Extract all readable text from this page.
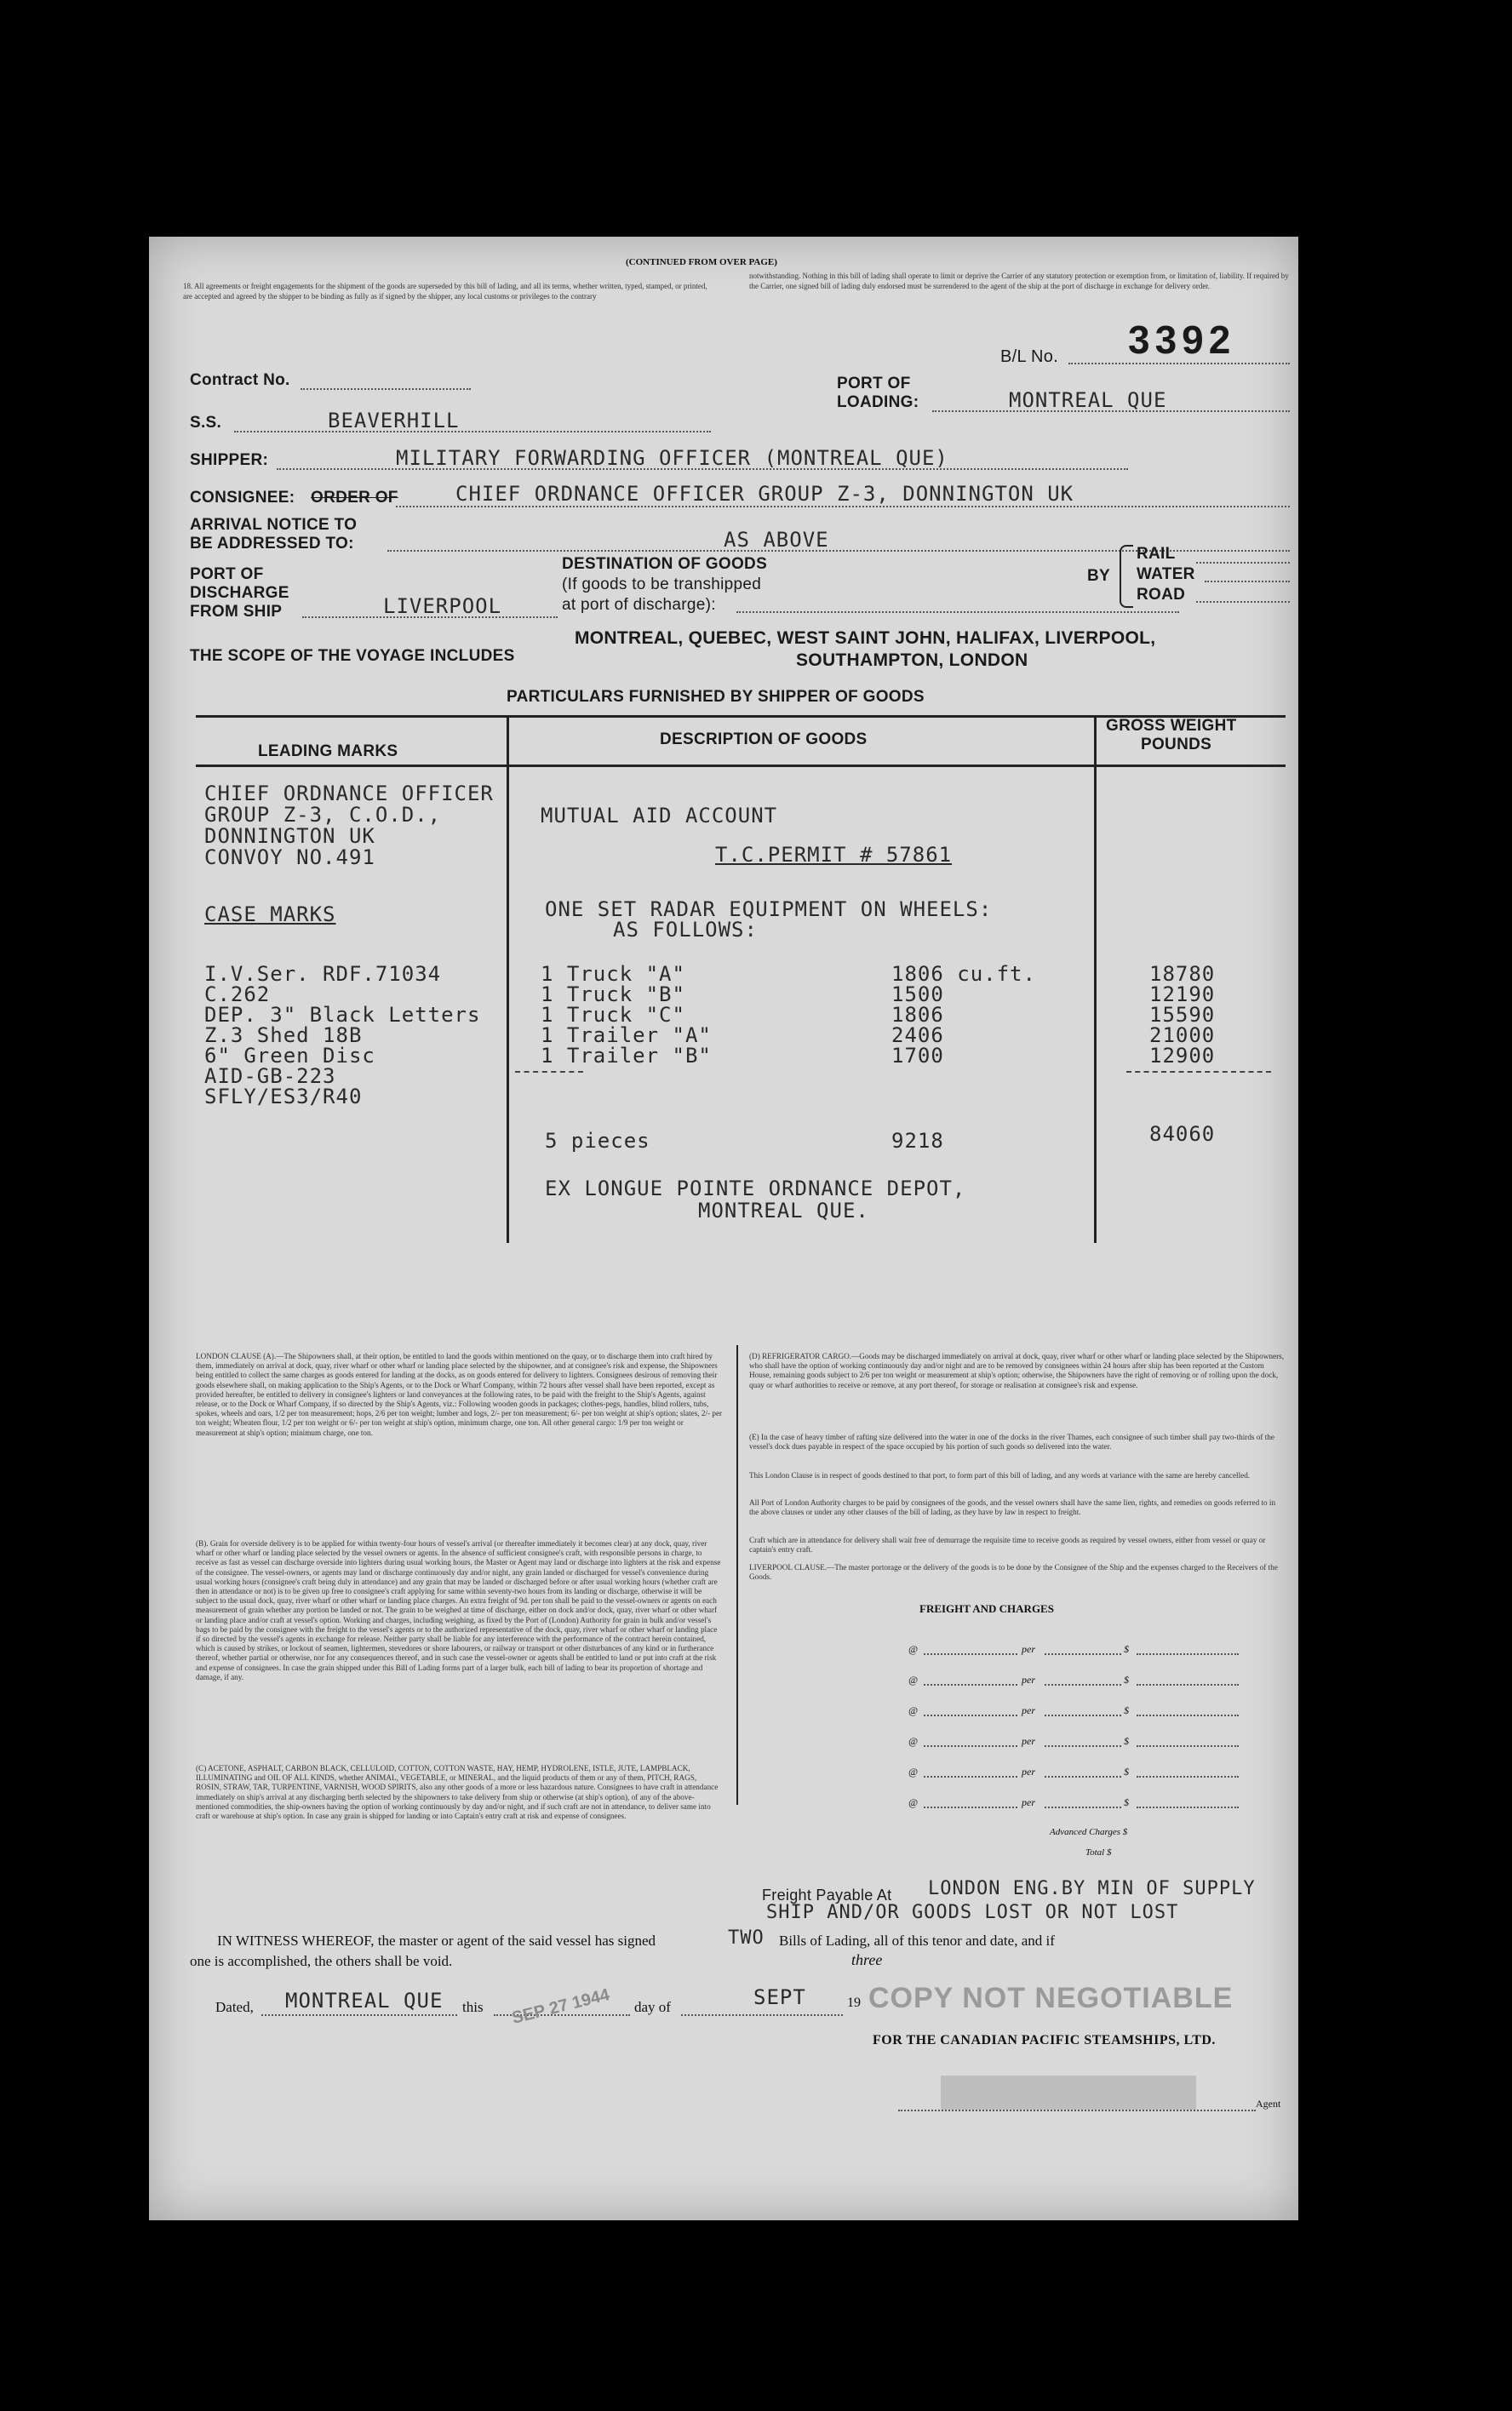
(CONTINUED FROM OVER PAGE)
18. All agreements or freight engagements for the shipment of the goods are superseded by this bill of lading, and all its terms, whether written, typed, stamped, or printed, are accepted and agreed by the shipper to be binding as fully as if signed by the shipper, any local customs or privileges to the contrary
notwithstanding. Nothing in this bill of lading shall operate to limit or deprive the Carrier of any statutory protection or exemption from, or limitation of, liability. If required by the Carrier, one signed bill of lading duly endorsed must be surrendered to the agent of the ship at the port of discharge in exchange for delivery order.
B/L No. 3392
Contract No.	PORT OF
LOADING:	MONTREAL QUE
S.S.	BEAVERHILL
SHIPPER:	MILITARY FORWARDING OFFICER (MONTREAL QUE)
CONSIGNEE: ORDER OF	CHIEF ORDNANCE OFFICER GROUP Z-3, DONNINGTON UK
ARRIVAL NOTICE TO
BE ADDRESSED TO:	AS ABOVE
PORT OF
DISCHARGE
FROM SHIP	LIVERPOOL
DESTINATION OF GOODS
(If goods to be transhipped
at port of discharge):
BY
RAIL
WATER
ROAD
THE SCOPE OF THE VOYAGE INCLUDES
MONTREAL, QUEBEC, WEST SAINT JOHN, HALIFAX, LIVERPOOL,
SOUTHAMPTON, LONDON
PARTICULARS FURNISHED BY SHIPPER OF GOODS
LEADING MARKS
DESCRIPTION OF GOODS
GROSS WEIGHT
POUNDS
CHIEF ORDNANCE OFFICER
GROUP Z-3, C.O.D.,
DONNINGTON UK
CONVOY NO.491
CASE MARKS
I.V.Ser. RDF.71034
C.262
DEP. 3" Black Letters
Z.3 Shed 18B
6" Green Disc
AID-GB-223
SFLY/ES3/R40
MUTUAL AID ACCOUNT
T.C.PERMIT # 57861
ONE SET RADAR EQUIPMENT ON WHEELS:
AS FOLLOWS:
1 Truck "A"	1806 cu.ft.	18780
1 Truck "B"	1500	12190
1 Truck "C"	1806	15590
1 Trailer "A"	2406	21000
1 Trailer "B"	1700	12900
5 pieces	9218	84060
EX LONGUE POINTE ORDNANCE DEPOT,
MONTREAL QUE.
LONDON CLAUSE (A).—The Shipowners shall, at their option, be entitled to land the goods within mentioned on the quay, or to discharge them into craft hired by them, immediately on arrival at dock, quay, river wharf or other wharf or landing place selected by the shipowner, and at consignee's risk and expense, the Shipowners being entitled to collect the same charges as goods entered for landing at the docks, as on goods entered for delivery to lighters. Consignees desirous of removing their goods elsewhere shall, on making application to the Ship's Agents, or to the Dock or Wharf Company, within 72 hours after vessel shall have been reported, except as provided hereafter, be entitled to delivery in consignee's lighters or land conveyances at the following rates, to be paid with the freight to the Ship's Agents, against release, or to the Dock or Wharf Company, if so directed by the Ship's Agents, viz.: Following wooden goods in packages; clothes-pegs, handles, blind rollers, tubs, spokes, wheels and oars, 1/2 per ton measurement; hops, 2/6 per ton weight; lumber and logs, 2/- per ton measurement; 6/- per ton weight at ship's option; slates, 2/- per ton weight; Wheaten flour, 1/2 per ton weight or 6/- per ton weight at ship's option, minimum charge, one ton. All other general cargo: 1/9 per ton weight or measurement at ship's option; minimum charge, one ton.
(B). Grain for overside delivery is to be applied for within twenty-four hours of vessel's arrival (or thereafter immediately it becomes clear) at any dock, quay, river wharf or other wharf or landing place selected by the vessel owners or agents. In the absence of sufficient consignee's craft, with responsible persons in charge, to receive as fast as vessel can discharge overside into lighters during usual working hours, the Master or Agent may land or discharge into lighters at the risk and expense of the consignee. The vessel-owners, or agents may land or discharge continuously day and/or night, any grain landed or discharged for vessel's convenience during usual working hours (consignee's craft being duly in attendance) and any grain that may be landed or discharged before or after usual working hours (whether craft are then in attendance or not) is to be given up free to consignee's craft applying for same within seventy-two hours from its landing or discharge, otherwise it will be subject to the usual dock, quay, river wharf or other wharf or landing place charges. An extra freight of 9d. per ton shall be paid to the vessel-owners or agents on each measurement of grain whether any portion be landed or not. The grain to be weighed at time of discharge, either on dock and/or dock, quay, river wharf or other wharf or landing place and/or craft at vessel's option. Working and charges, including weighing, as fixed by the Port of (London) Authority for grain in bulk and/or vessel's bags to be paid by the consignee with the freight to the vessel's agents or to the authorized representative of the dock, quay, river wharf or other wharf or landing place if so directed by the vessel's agents in exchange for release. Neither party shall be liable for any interference with the performance of the contract herein contained, which is caused by strikes, or lockout of seamen, lightermen, stevedores or shore labourers, or railway or transport or other disturbances of any kind or in furtherance thereof, whether partial or otherwise, nor for any consequences thereof, and in such case the vessel-owner or agents shall be entitled to land or put into craft at the risk and expense of consignees. In case the grain shipped under this Bill of Lading forms part of a larger bulk, each bill of lading to bear its proportion of shortage and damage, if any.
(C) ACETONE, ASPHALT, CARBON BLACK, CELLULOID, COTTON, COTTON WASTE, HAY, HEMP, HYDROLENE, ISTLE, JUTE, LAMPBLACK, ILLUMINATING and OIL OF ALL KINDS, whether ANIMAL, VEGETABLE, or MINERAL, and the liquid products of them or any of them, PITCH, RAGS, ROSIN, STRAW, TAR, TURPENTINE, VARNISH, WOOD SPIRITS, also any other goods of a more or less hazardous nature. Consignees to have craft in attendance immediately on ship's arrival at any discharging berth selected by the shipowners to take delivery from ship or otherwise (at ship's option), of any of the above-mentioned commodities, the ship-owners having the option of working continuously by day and/or night, and if such craft are not in attendance, to deliver same into craft or warehouse at ship's option. In case any grain is shipped for landing or into Captain's entry craft at risk and expense of consignees.
(D) REFRIGERATOR CARGO.—Goods may be discharged immediately on arrival at dock, quay, river wharf or other wharf or landing place selected by the Shipowners, who shall have the option of working continuously day and/or night and are to be removed by consignees within 24 hours after ship has been reported at the Custom House, remaining goods subject to 2/6 per ton weight or measurement at ship's option; otherwise, the Shipowners have the right of removing or of rolling upon the dock, quay or wharf authorities to receive or remove, at any port thereof, for storage or realisation at consignee's risk and expense.
(E) In the case of heavy timber of rafting size delivered into the water in one of the docks in the river Thames, each consignee of such timber shall pay two-thirds of the vessel's dock dues payable in respect of the space occupied by his portion of such goods so delivered into the water.
This London Clause is in respect of goods destined to that port, to form part of this bill of lading, and any words at variance with the same are hereby cancelled.
All Port of London Authority charges to be paid by consignees of the goods, and the vessel owners shall have the same lien, rights, and remedies on goods referred to in the above clauses or under any other clauses of the bill of lading, as they have by law in respect to freight.
Craft which are in attendance for delivery shall wait free of demurrage the requisite time to receive goods as required by vessel owners, either from vessel or quay or captain's entry craft.
LIVERPOOL CLAUSE.—The master portorage or the delivery of the goods is to be done by the Consignee of the Ship and the expenses charged to the Receivers of the Goods.
FREIGHT AND CHARGES
@	per	$
@	per	$
@	per	$
@	per	$
@	per	$
@	per	$
Advanced Charges $
Total $
Freight Payable At LONDON ENG.BY MIN OF SUPPLY
SHIP AND/OR GOODS LOST OR NOT LOST
IN WITNESS WHEREOF, the master or agent of the said vessel has signed	TWO Bills of Lading, all of this tenor and date, and if
three
one is accomplished, the others shall be void.
Dated, MONTREAL QUE this SEP 27 1944 day of	SEPT	19 COPY NOT NEGOTIABLE
FOR THE CANADIAN PACIFIC STEAMSHIPS, LTD.
Agent
